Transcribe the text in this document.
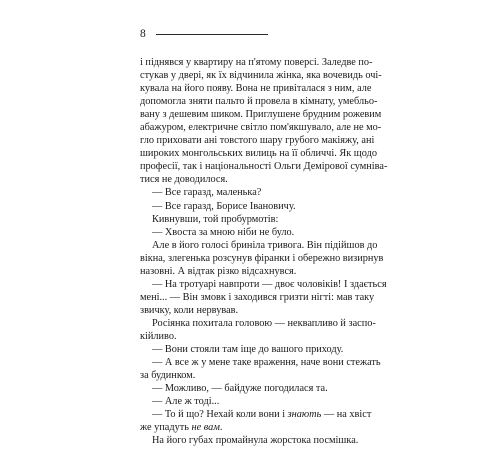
8
і піднявся у квартиру на п'ятому поверсі. Заледве по-
стукав у двері, як їх відчинила жінка, яка вочевидь очі-
кувала на його появу. Вона не привіталася з ним, але
допомогла зняти пальто й провела в кімнату, умебльо-
вану з дешевим шиком. Приглушене брудним рожевим
абажуром, електричне світло пом'якшувало, але не мо-
гло приховати ані товстого шару грубого макіяжу, ані
широких монгольських вилиць на її обличчі. Як щодо
професії, так і національності Ольги Демірової сумніва-
тися не доводилося.
— Все гаразд, маленька?
— Все гаразд, Борисе Івановичу.
Кивнувши, той пробурмотів:
— Хвоста за мною ніби не було.
Але в його голосі бриніла тривога. Він підійшов до
вікна, злегенька розсунув фіранки і обережно визирнув
назовні. А відтак різко відсахнувся.
— На тротуарі навпроти — двоє чоловіків! І здається
мені... — Він змовк і заходився гризти нігті: мав таку
звичку, коли нервував.
Росіянка похитала головою — неквапливо й заспо-
кійливо.
— Вони стояли там іще до вашого приходу.
— А все ж у мене таке враження, наче вони стежать
за будинком.
— Можливо, — байдуже погодилася та.
— Але ж тоді...
— То й що? Нехай коли вони і знають — на хвіст
же упадуть не вам.
На його губах промайнула жорстока посмішка.
